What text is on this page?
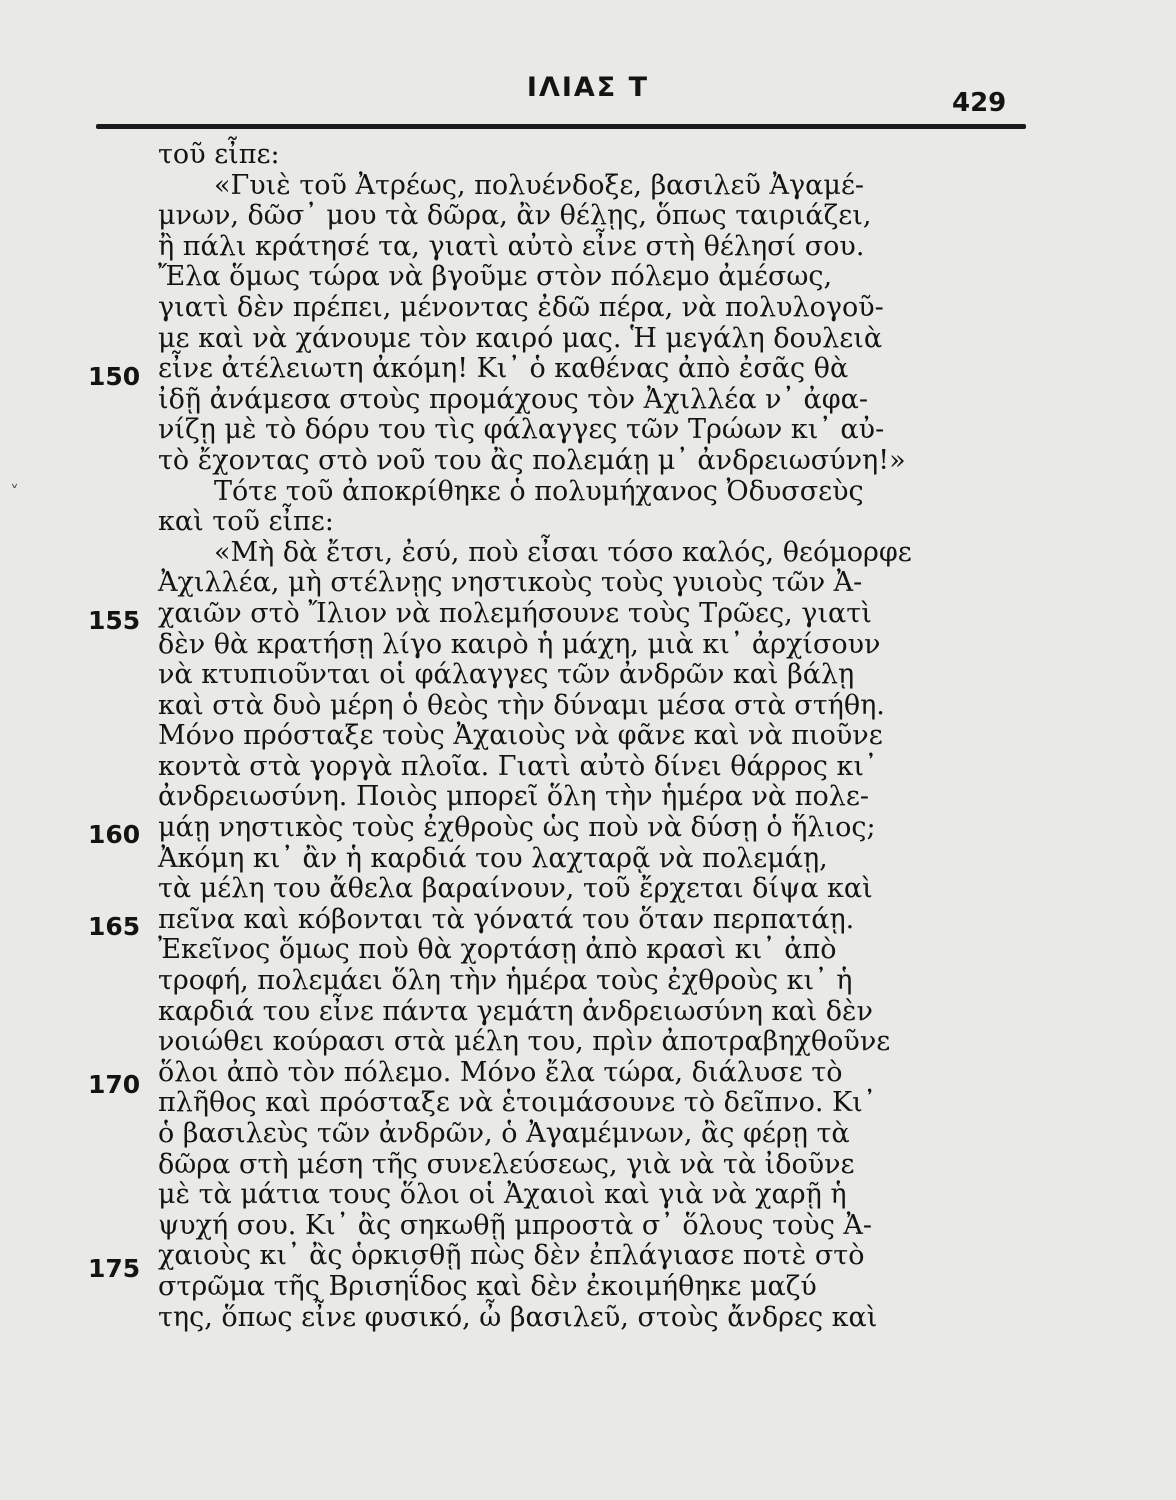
ΙΛΙΑΣ Τ	429
˅
150
155
160
165
170
175
τοῦ εἶπε:
«Γυιὲ τοῦ Ἀτρέως, πολυένδοξε, βασιλεῦ Ἀγαμέ-
μνων, δῶσ᾽ μου τὰ δῶρα, ἂν θέλῃς, ὅπως ταιριάζει,
ἢ πάλι κράτησέ τα, γιατὶ αὐτὸ εἶνε στὴ θέλησί σου.
Ἔλα ὅμως τώρα νὰ βγοῦμε στὸν πόλεμο ἀμέσως,
γιατὶ δὲν πρέπει, μένοντας ἐδῶ πέρα, νὰ πολυλογοῦ-
με καὶ νὰ χάνουμε τὸν καιρό μας. Ἡ μεγάλη δουλειὰ
εἶνε ἀτέλειωτη ἀκόμη! Κι᾽ ὁ καθένας ἀπὸ ἐσᾶς θὰ
ἰδῇ ἀνάμεσα στοὺς προμάχους τὸν Ἀχιλλέα ν᾽ ἀφα-
νίζῃ μὲ τὸ δόρυ του τὶς φάλαγγες τῶν Τρώων κι᾽ αὐ-
τὸ ἔχοντας στὸ νοῦ του ἂς πολεμάῃ μ᾽ ἀνδρειωσύνη!»
Τότε τοῦ ἀποκρίθηκε ὁ πολυμήχανος Ὀδυσσεὺς
καὶ τοῦ εἶπε:
«Μὴ δὰ ἔτσι, ἐσύ, ποὺ εἶσαι τόσο καλός, θεόμορφε
Ἀχιλλέα, μὴ στέλνῃς νηστικοὺς τοὺς γυιοὺς τῶν Ἀ-
χαιῶν στὸ Ἴλιον νὰ πολεμήσουνε τοὺς Τρῶες, γιατὶ
δὲν θὰ κρατήσῃ λίγο καιρὸ ἡ μάχη, μιὰ κι᾽ ἀρχίσουν
νὰ κτυπιοῦνται οἱ φάλαγγες τῶν ἀνδρῶν καὶ βάλῃ
καὶ στὰ δυὸ μέρη ὁ θεὸς τὴν δύναμι μέσα στὰ στήθη.
Μόνο πρόσταξε τοὺς Ἀχαιοὺς νὰ φᾶνε καὶ νὰ πιοῦνε
κοντὰ στὰ γοργὰ πλοῖα. Γιατὶ αὐτὸ δίνει θάρρος κι᾽
ἀνδρειωσύνη. Ποιὸς μπορεῖ ὅλη τὴν ἡμέρα νὰ πολε-
μάῃ νηστικὸς τοὺς ἐχθροὺς ὡς ποὺ νὰ δύσῃ ὁ ἥλιος;
Ἀκόμη κι᾽ ἂν ἡ καρδιά του λαχταρᾷ νὰ πολεμάῃ,
τὰ μέλη του ἄθελα βαραίνουν, τοῦ ἔρχεται δίψα καὶ
πεῖνα καὶ κόβονται τὰ γόνατά του ὅταν περπατάῃ.
Ἐκεῖνος ὅμως ποὺ θὰ χορτάσῃ ἀπὸ κρασὶ κι᾽ ἀπὸ
τροφή, πολεμάει ὅλη τὴν ἡμέρα τοὺς ἐχθροὺς κι᾽ ἡ
καρδιά του εἶνε πάντα γεμάτη ἀνδρειωσύνη καὶ δὲν
νοιώθει κούρασι στὰ μέλη του, πρὶν ἀποτραβηχθοῦνε
ὅλοι ἀπὸ τὸν πόλεμο. Μόνο ἔλα τώρα, διάλυσε τὸ
πλῆθος καὶ πρόσταξε νὰ ἑτοιμάσουνε τὸ δεῖπνο. Κι᾽
ὁ βασιλεὺς τῶν ἀνδρῶν, ὁ Ἀγαμέμνων, ἂς φέρῃ τὰ
δῶρα στὴ μέση τῆς συνελεύσεως, γιὰ νὰ τὰ ἰδοῦνε
μὲ τὰ μάτια τους ὅλοι οἱ Ἀχαιοὶ καὶ γιὰ νὰ χαρῇ ἡ
ψυχή σου. Κι᾽ ἂς σηκωθῇ μπροστὰ σ᾽ ὅλους τοὺς Ἀ-
χαιοὺς κι᾽ ἂς ὁρκισθῇ πὼς δὲν ἐπλάγιασε ποτὲ στὸ
στρῶμα τῆς Βρισηΐδος καὶ δὲν ἐκοιμήθηκε μαζύ
της, ὅπως εἶνε φυσικό, ὦ βασιλεῦ, στοὺς ἄνδρες καὶ
